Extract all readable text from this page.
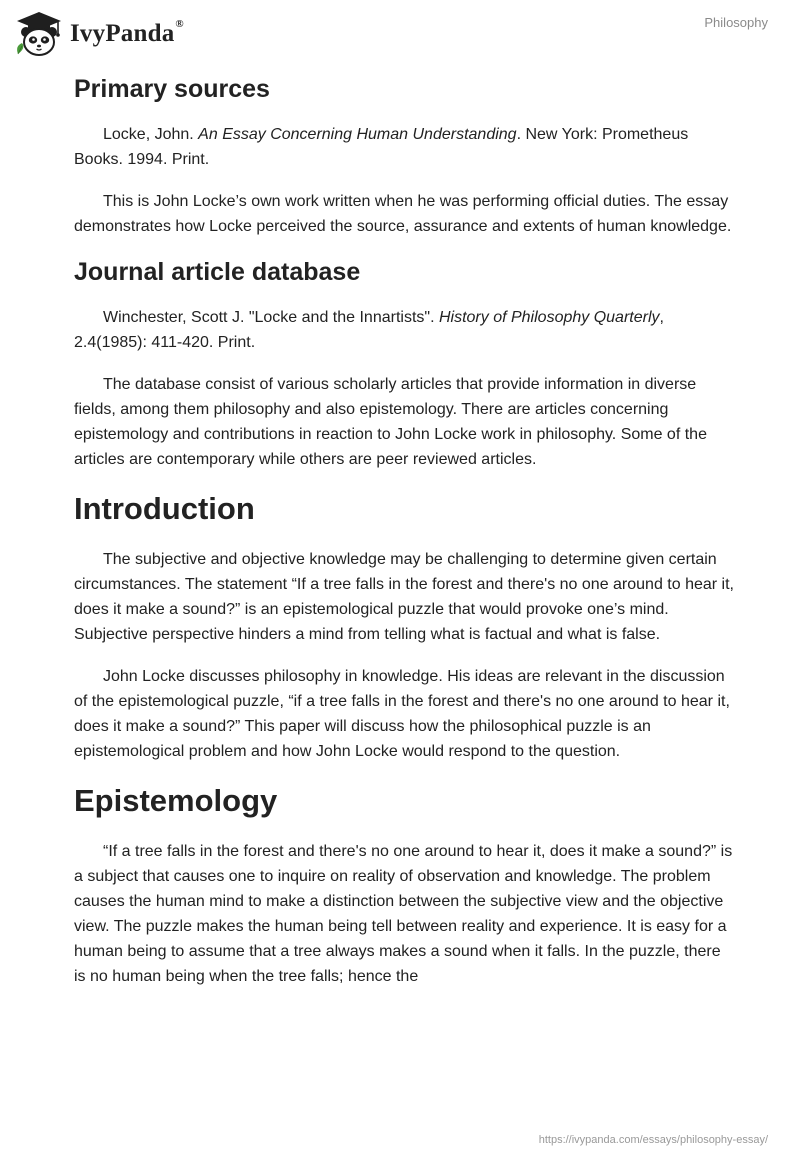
IvyPanda®	Philosophy
Primary sources

Locke, John. An Essay Concerning Human Understanding. New York: Prometheus Books. 1994. Print.

This is John Locke’s own work written when he was performing official duties. The essay demonstrates how Locke perceived the source, assurance and extents of human knowledge.

Journal article database

Winchester, Scott J. "Locke and the Innartists". History of Philosophy Quarterly, 2.4(1985): 411-420. Print.

The database consist of various scholarly articles that provide information in diverse fields, among them philosophy and also epistemology. There are articles concerning epistemology and contributions in reaction to John Locke work in philosophy. Some of the articles are contemporary while others are peer reviewed articles.

Introduction

The subjective and objective knowledge may be challenging to determine given certain circumstances. The statement “If a tree falls in the forest and there's no one around to hear it, does it make a sound?” is an epistemological puzzle that would provoke one’s mind. Subjective perspective hinders a mind from telling what is factual and what is false.

John Locke discusses philosophy in knowledge. His ideas are relevant in the discussion of the epistemological puzzle, “if a tree falls in the forest and there's no one around to hear it, does it make a sound?” This paper will discuss how the philosophical puzzle is an epistemological problem and how John Locke would respond to the question.

Epistemology

“If a tree falls in the forest and there's no one around to hear it, does it make a sound?” is a subject that causes one to inquire on reality of observation and knowledge. The problem causes the human mind to make a distinction between the subjective view and the objective view. The puzzle makes the human being tell between reality and experience. It is easy for a human being to assume that a tree always makes a sound when it falls. In the puzzle, there is no human being when the tree falls; hence the

https://ivypanda.com/essays/philosophy-essay/
